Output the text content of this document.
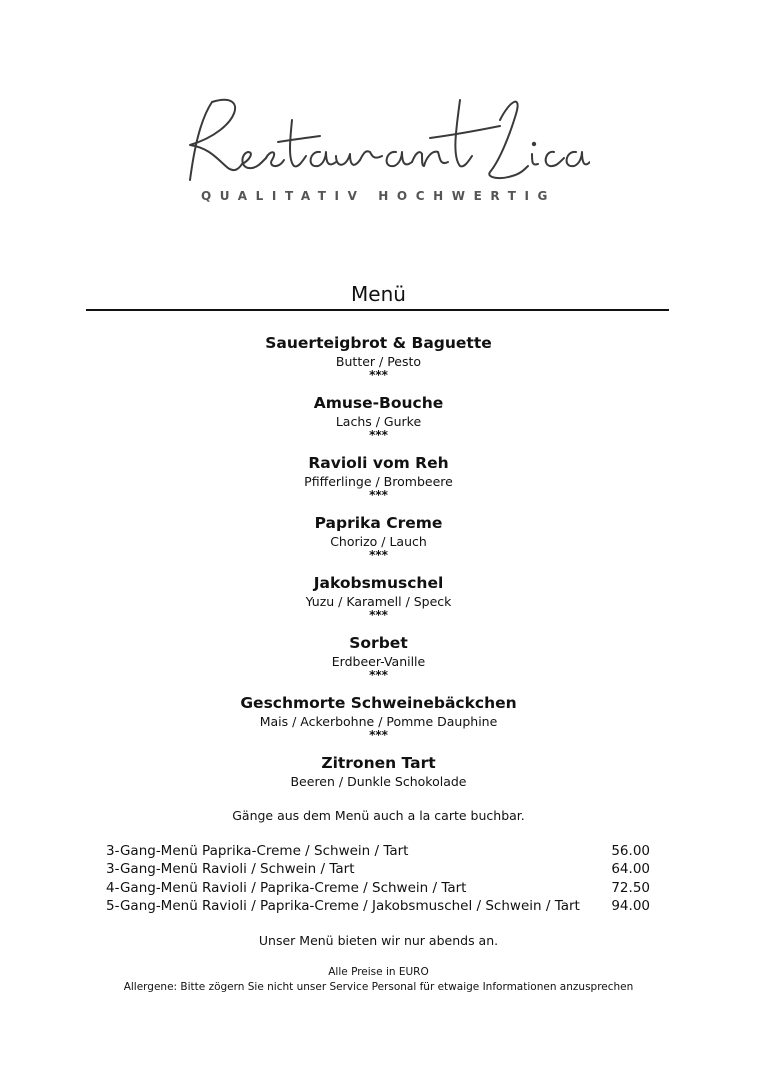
QUALITATIV HOCHWERTIG
Menü
Sauerteigbrot & Baguette
Butter / Pesto
***
Amuse-Bouche
Lachs / Gurke
***
Ravioli vom Reh
Pfifferlinge / Brombeere
***
Paprika Creme
Chorizo / Lauch
***
Jakobsmuschel
Yuzu / Karamell / Speck
***
Sorbet
Erdbeer-Vanille
***
Geschmorte Schweinebäckchen
Mais / Ackerbohne / Pomme Dauphine
***
Zitronen Tart
Beeren / Dunkle Schokolade
Gänge aus dem Menü auch a la carte buchbar.
3-Gang-Menü Paprika-Creme / Schwein / Tart	56.00
3-Gang-Menü Ravioli / Schwein / Tart	64.00
4-Gang-Menü Ravioli / Paprika-Creme / Schwein / Tart	72.50
5-Gang-Menü Ravioli / Paprika-Creme / Jakobsmuschel / Schwein / Tart 94.00
Unser Menü bieten wir nur abends an.
Alle Preise in EURO
Allergene: Bitte zögern Sie nicht unser Service Personal für etwaige Informationen anzusprechen
